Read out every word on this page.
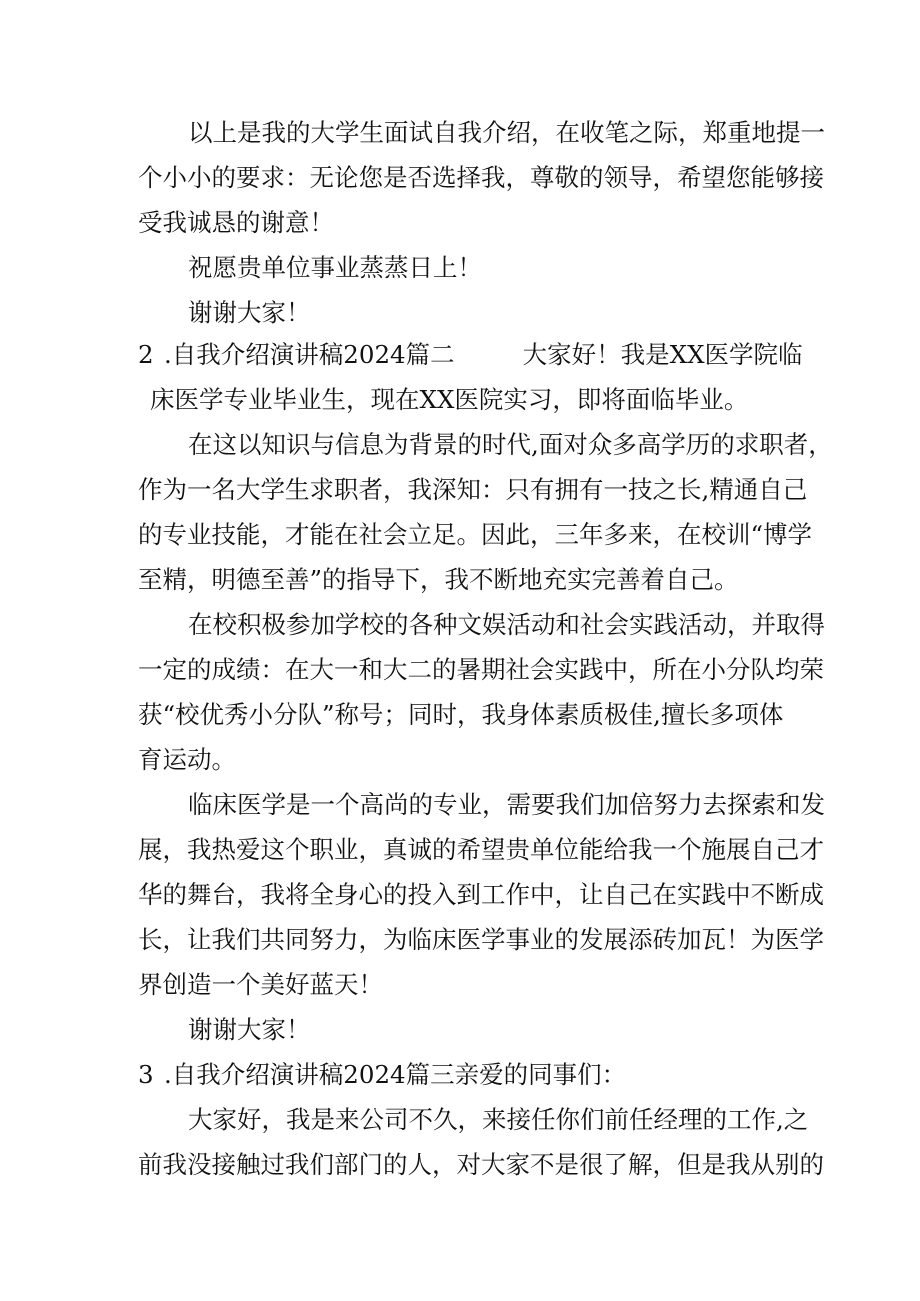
以上是我的大学生面试自我介绍，在收笔之际，郑重地提一
个小小的要求：无论您是否选择我，尊敬的领导，希望您能够接
受我诚恳的谢意！
祝愿贵单位事业蒸蒸日上！
谢谢大家！
2 .自我介绍演讲稿2024篇二	大家好！我是XX医学院临
床医学专业毕业生，现在XX医院实习，即将面临毕业。
在这以知识与信息为背景的时代,面对众多高学历的求职者，
作为一名大学生求职者，我深知：只有拥有一技之长,精通自己
的专业技能，才能在社会立足。因此，三年多来，在校训“博学
至精，明德至善”的指导下，我不断地充实完善着自己。
在校积极参加学校的各种文娱活动和社会实践活动，并取得
一定的成绩：在大一和大二的暑期社会实践中，所在小分队均荣
获“校优秀小分队”称号；同时，我身体素质极佳,擅长多项体
育运动。
临床医学是一个高尚的专业，需要我们加倍努力去探索和发
展，我热爱这个职业，真诚的希望贵单位能给我一个施展自己才
华的舞台，我将全身心的投入到工作中，让自己在实践中不断成
长，让我们共同努力，为临床医学事业的发展添砖加瓦！为医学
界创造一个美好蓝天！
谢谢大家！
3 .自我介绍演讲稿2024篇三亲爱的同事们：
大家好，我是来公司不久，来接任你们前任经理的工作,之
前我没接触过我们部门的人，对大家不是很了解，但是我从别的
